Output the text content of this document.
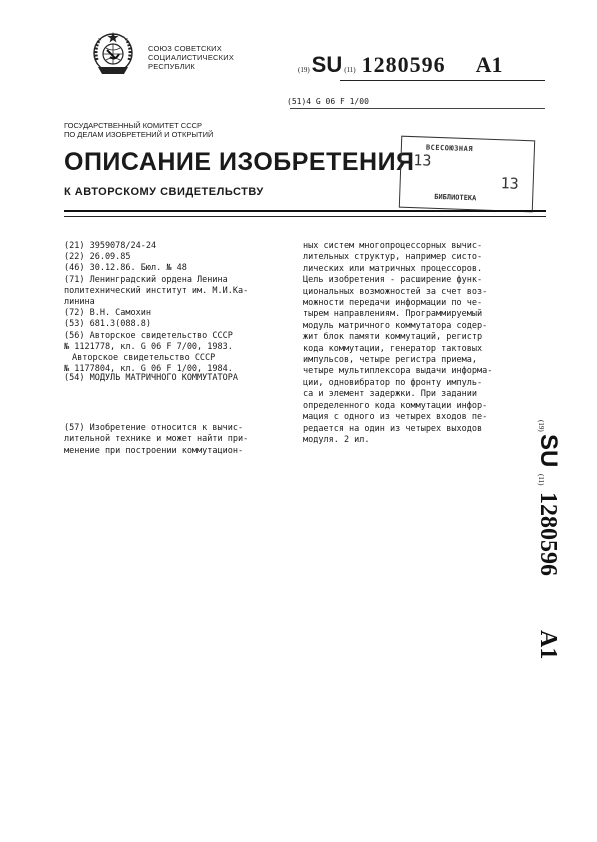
СОЮЗ СОВЕТСКИХ
СОЦИАЛИСТИЧЕСКИХ
РЕСПУБЛИК	(19)SU (11) 1280596 A1
(51)4 G 06 F 1/00
ГОСУДАРСТВЕННЫЙ КОМИТЕТ СССР
ПО ДЕЛАМ ИЗОБРЕТЕНИЙ И ОТКРЫТИЙ
ОПИСАНИЕ ИЗОБРЕТЕНИЯ
К АВТОРСКОМУ СВИДЕТЕЛЬСТВУ
ВСЕСОЮЗНАЯ
13
13
БИБЛИОТЕКА
(21) 3959078/24-24
(22) 26.09.85
(46) 30.12.86. Бюл. № 48
(71) Ленинградский ордена Ленина
политехнический институт им. М.И.Ка-
линина
(72) В.Н. Самохин
(53) 681.3(088.8)
(56) Авторское свидетельство СССР
№ 1121778, кл. G 06 F 7/00, 1983.
Авторское свидетельство СССР
№ 1177804, кл. G 06 F 1/00, 1984.
(54) МОДУЛЬ МАТРИЧНОГО КОММУТАТОРА
(57) Изобретение относится к вычис-
лительной технике и может найти при-
менение при построении коммутацион-
ных систем многопроцессорных вычис-
лительных структур, например систо-
лических или матричных процессоров.
Цель изобретения - расширение функ-
циональных возможностей за счет воз-
можности передачи информации по че-
тырем направлениям. Программируемый
модуль матричного коммутатора содер-
жит блок памяти коммутаций, регистр
кода коммутации, генератор тактовых
импульсов, четыре регистра приема,
четыре мультиплексора выдачи информа-
ции, одновибратор по фронту импуль-
са и элемент задержки. При задании
определенного кода коммутации инфор-
мация с одного из четырех входов пе-
редается на один из четырех выходов
модуля. 2 ил.
(19)
SU
(11)
1280596
A1
